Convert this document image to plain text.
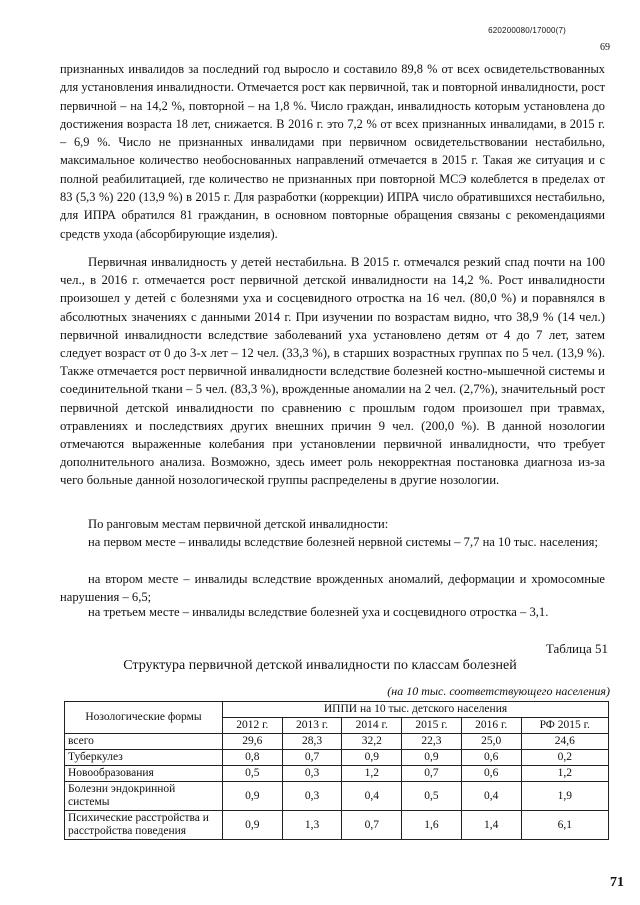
620200080/17000(7)
69
признанных инвалидов за последний год выросло и составило 89,8 % от всех освидетельствованных для установления инвалидности. Отмечается рост как первичной, так и повторной инвалидности, рост первичной – на 14,2 %, повторной – на 1,8 %. Число граждан, инвалидность которым установлена до достижения возраста 18 лет, снижается. В 2016 г. это 7,2 % от всех признанных инвалидами, в 2015 г. – 6,9 %. Число не признанных инвалидами при первичном освидетельствовании нестабильно, максимальное количество необоснованных направлений отмечается в 2015 г. Такая же ситуация и с полной реабилитацией, где количество не признанных при повторной МСЭ колеблется в пределах от 83 (5,3 %) 220 (13,9 %) в 2015 г. Для разработки (коррекции) ИПРА число обратившихся нестабильно, для ИПРА обратился 81 гражданин, в основном повторные обращения связаны с рекомендациями средств ухода (абсорбирующие изделия).
Первичная инвалидность у детей нестабильна. В 2015 г. отмечался резкий спад почти на 100 чел., в 2016 г. отмечается рост первичной детской инвалидности на 14,2 %. Рост инвалидности произошел у детей с болезнями уха и сосцевидного отростка на 16 чел. (80,0 %) и поравнялся в абсолютных значениях с данными 2014 г. При изучении по возрастам видно, что 38,9 % (14 чел.) первичной инвалидности вследствие заболеваний уха установлено детям от 4 до 7 лет, затем следует возраст от 0 до 3-х лет – 12 чел. (33,3 %), в старших возрастных группах по 5 чел. (13,9 %). Также отмечается рост первичной инвалидности вследствие болезней костно-мышечной системы и соединительной ткани – 5 чел. (83,3 %), врожденные аномалии на 2 чел. (2,7%), значительный рост первичной детской инвалидности по сравнению с прошлым годом произошел при травмах, отравлениях и последствиях других внешних причин 9 чел. (200,0 %). В данной нозологии отмечаются выраженные колебания при установлении первичной инвалидности, что требует дополнительного анализа. Возможно, здесь имеет роль некорректная постановка диагноза из-за чего больные данной нозологической группы распределены в другие нозологии.
По ранговым местам первичной детской инвалидности:
на первом месте – инвалиды вследствие болезней нервной системы – 7,7 на 10 тыс. населения;
на втором месте – инвалиды вследствие врожденных аномалий, деформации и хромосомные нарушения – 6,5;
на третьем месте – инвалиды вследствие болезней уха и сосцевидного отростка – 3,1.
Таблица 51
Структура первичной детской инвалидности по классам болезней
(на 10 тыс. соответствующего населения)
Нозологические формы	ИППИ на 10 тыс. детского населения					
	2012 г.	2013 г.	2014 г.	2015 г.	2016 г.	РФ 2015 г.
всего	29,6	28,3	32,2	22,3	25,0	24,6
Туберкулез	0,8	0,7	0,9	0,9	0,6	0,2
Новообразования	0,5	0,3	1,2	0,7	0,6	1,2
Болезни эндокринной системы	0,9	0,3	0,4	0,5	0,4	1,9
Психические расстройства и расстройства поведения	0,9	1,3	0,7	1,6	1,4	6,1
71
